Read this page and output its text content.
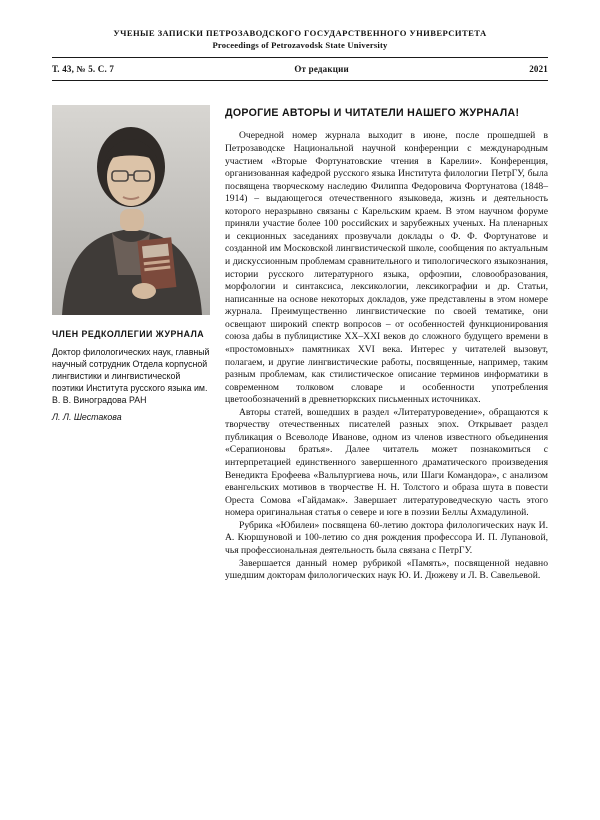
УЧЕНЫЕ ЗАПИСКИ ПЕТРОЗАВОДСКОГО ГОСУДАРСТВЕННОГО УНИВЕРСИТЕТА
Proceedings of Petrozavodsk State University
Т. 43, № 5. С. 7	От редакции	2021
ЧЛЕН РЕДКОЛЛЕГИИ ЖУРНАЛА
Доктор филологических наук, главный научный сотрудник Отдела корпусной лингвистики и лингвистической поэтики Института русского языка им. В. В. Виноградова РАН
Л. Л. Шестакова
ДОРОГИЕ АВТОРЫ И ЧИТАТЕЛИ НАШЕГО ЖУРНАЛА!

Очередной номер журнала выходит в июне, после прошедшей в Петрозаводске Национальной научной конференции с международным участием «Вторые Фортунатовские чтения в Карелии». Конференция, организованная кафедрой русского языка Института филологии ПетрГУ, была посвящена творческому наследию Филиппа Федоровича Фортунатова (1848–1914) – выдающегося отечественного языковеда, жизнь и деятельность которого неразрывно связаны с Карельским краем. В этом научном форуме приняли участие более 100 российских и зарубежных ученых. На пленарных и секционных заседаниях прозвучали доклады о Ф. Ф. Фортунатове и созданной им Московской лингвистической школе, сообщения по актуальным и дискуссионным проблемам сравнительного и типологического языкознания, истории русского литературного языка, орфоэпии, словообразования, морфологии и синтаксиса, лексикологии, лексикографии и др. Статьи, написанные на основе некоторых докладов, уже представлены в этом номере журнала. Преимущественно лингвистические по своей тематике, они освещают широкий спектр вопросов – от особенностей функционирования союза дабы в публицистике XX–XXI веков до сложного будущего времени в «простомовных» памятниках XVI века. Интерес у читателей вызовут, полагаем, и другие лингвистические работы, посвященные, например, таким разным проблемам, как стилистическое описание терминов информатики в современном толковом словаре и особенности употребления цветообозначений в древнетюркских письменных источниках.

Авторы статей, вошедших в раздел «Литературоведение», обращаются к творчеству отечественных писателей разных эпох. Открывает раздел публикация о Всеволоде Иванове, одном из членов известного объединения «Серапионовы братья». Далее читатель может познакомиться с интерпретацией единственного завершенного драматического произведения Венедикта Ерофеева «Вальпургиева ночь, или Шаги Командора», с анализом евангельских мотивов в творчестве Н. Н. Толстого и образа шута в повести Ореста Сомова «Гайдамак». Завершает литературоведческую часть этого номера оригинальная статья о севере и юге в поэзии Беллы Ахмадулиной.

Рубрика «Юбилеи» посвящена 60-летию доктора филологических наук И. А. Кюршуновой и 100-летию со дня рождения профессора И. П. Лупановой, чья профессиональная деятельность была связана с ПетрГУ.

Завершается данный номер рубрикой «Память», посвященной недавно ушедшим докторам филологических наук Ю. И. Дюжеву и Л. В. Савельевой.
